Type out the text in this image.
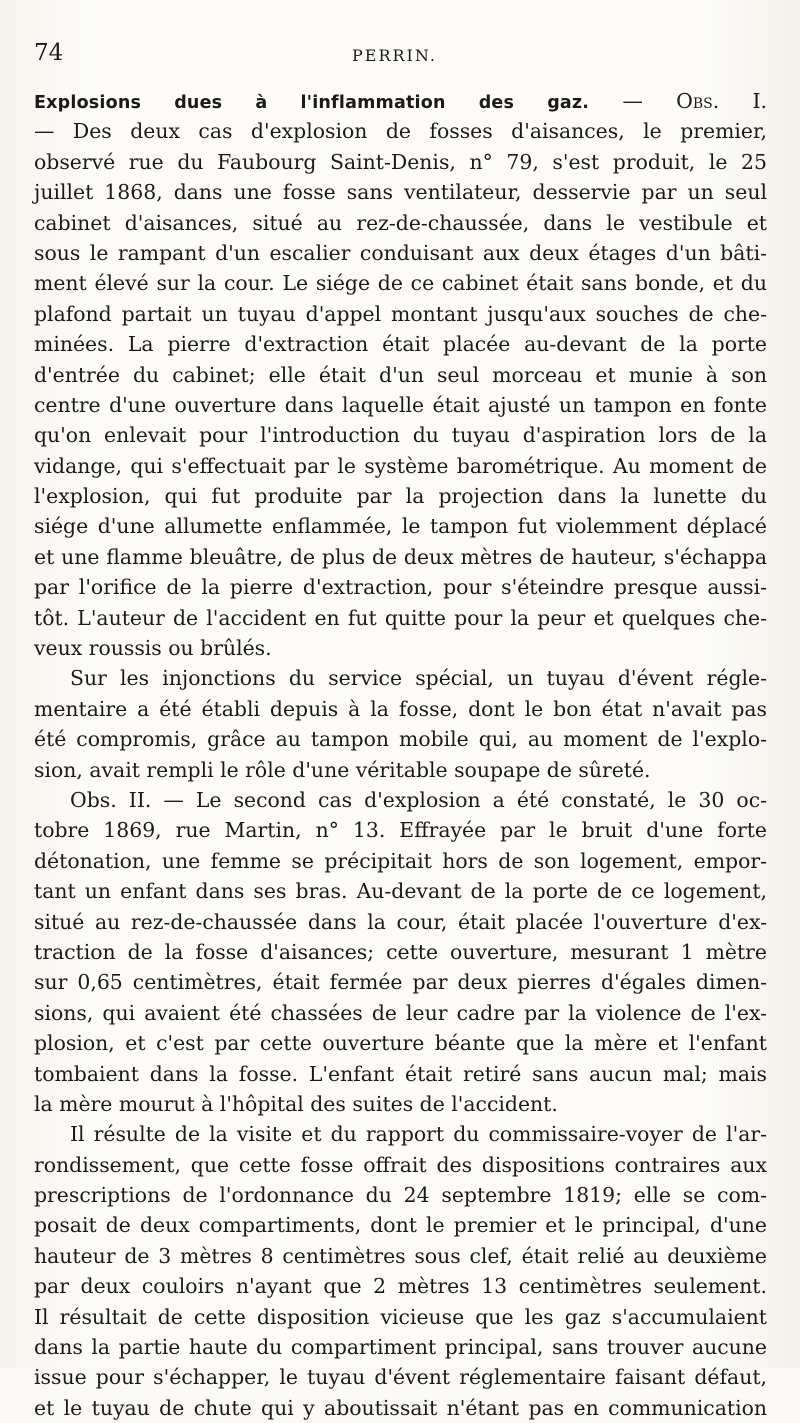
74	PERRIN.
Explosions dues à l'inflammation des gaz. — Obs. I.
— Des deux cas d'explosion de fosses d'aisances, le premier,
observé rue du Faubourg Saint-Denis, n° 79, s'est produit, le 25
juillet 1868, dans une fosse sans ventilateur, desservie par un seul
cabinet d'aisances, situé au rez-de-chaussée, dans le vestibule et
sous le rampant d'un escalier conduisant aux deux étages d'un bâti-
ment élevé sur la cour. Le siége de ce cabinet était sans bonde, et du
plafond partait un tuyau d'appel montant jusqu'aux souches de che-
minées. La pierre d'extraction était placée au-devant de la porte
d'entrée du cabinet; elle était d'un seul morceau et munie à son
centre d'une ouverture dans laquelle était ajusté un tampon en fonte
qu'on enlevait pour l'introduction du tuyau d'aspiration lors de la
vidange, qui s'effectuait par le système barométrique. Au moment de
l'explosion, qui fut produite par la projection dans la lunette du
siége d'une allumette enflammée, le tampon fut violemment déplacé
et une flamme bleuâtre, de plus de deux mètres de hauteur, s'échappa
par l'orifice de la pierre d'extraction, pour s'éteindre presque aussi-
tôt. L'auteur de l'accident en fut quitte pour la peur et quelques che-
veux roussis ou brûlés.
Sur les injonctions du service spécial, un tuyau d'évent régle-
mentaire a été établi depuis à la fosse, dont le bon état n'avait pas
été compromis, grâce au tampon mobile qui, au moment de l'explo-
sion, avait rempli le rôle d'une véritable soupape de sûreté.
Obs. II. — Le second cas d'explosion a été constaté, le 30 oc-
tobre 1869, rue Martin, n° 13. Effrayée par le bruit d'une forte
détonation, une femme se précipitait hors de son logement, empor-
tant un enfant dans ses bras. Au-devant de la porte de ce logement,
situé au rez-de-chaussée dans la cour, était placée l'ouverture d'ex-
traction de la fosse d'aisances; cette ouverture, mesurant 1 mètre
sur 0,65 centimètres, était fermée par deux pierres d'égales dimen-
sions, qui avaient été chassées de leur cadre par la violence de l'ex-
plosion, et c'est par cette ouverture béante que la mère et l'enfant
tombaient dans la fosse. L'enfant était retiré sans aucun mal; mais
la mère mourut à l'hôpital des suites de l'accident.
Il résulte de la visite et du rapport du commissaire-voyer de l'ar-
rondissement, que cette fosse offrait des dispositions contraires aux
prescriptions de l'ordonnance du 24 septembre 1819; elle se com-
posait de deux compartiments, dont le premier et le principal, d'une
hauteur de 3 mètres 8 centimètres sous clef, était relié au deuxième
par deux couloirs n'ayant que 2 mètres 13 centimètres seulement.
Il résultait de cette disposition vicieuse que les gaz s'accumulaient
dans la partie haute du compartiment principal, sans trouver aucune
issue pour s'échapper, le tuyau d'évent réglementaire faisant défaut,
et le tuyau de chute qui y aboutissait n'étant pas en communication
